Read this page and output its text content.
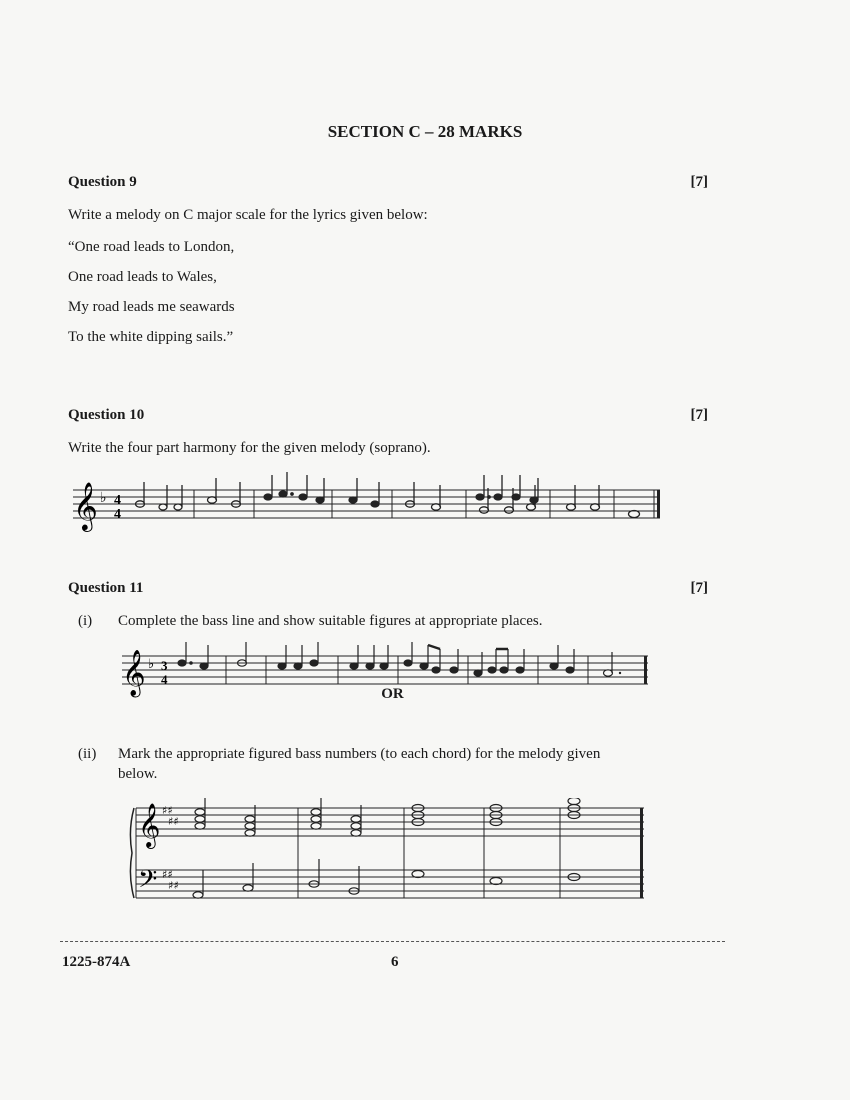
SECTION C – 28 MARKS
Question 9	[7]
Write a melody on C major scale for the lyrics given below:
“One road leads to London,
One road leads to Wales,
My road leads me seawards
To the white dipping sails.”
Question 10	[7]
Write the four part harmony for the given melody (soprano).
𝄞 ♭ 4
4
Question 11	[7]
(i) Complete the bass line and show suitable figures at appropriate places.
𝄞 ♭ 3
4
OR
(ii) Mark the appropriate figured bass numbers (to each chord) for the melody given
below.
𝄞 ♯♯
♯♯
𝄢 ♯♯
♯♯
1225-874A	6
